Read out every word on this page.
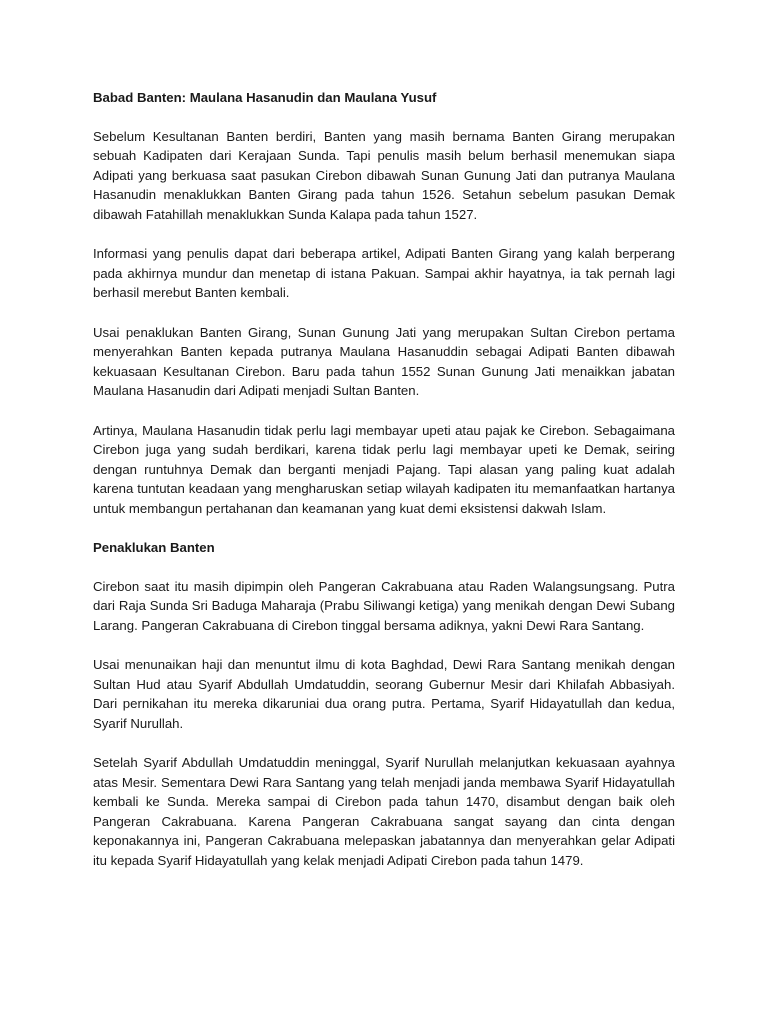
Babad Banten: Maulana Hasanudin dan Maulana Yusuf

Sebelum Kesultanan Banten berdiri, Banten yang masih bernama Banten Girang merupakan sebuah Kadipaten dari Kerajaan Sunda. Tapi penulis masih belum berhasil menemukan siapa Adipati yang berkuasa saat pasukan Cirebon dibawah Sunan Gunung Jati dan putranya Maulana Hasanudin menaklukkan Banten Girang pada tahun 1526. Setahun sebelum pasukan Demak dibawah Fatahillah menaklukkan Sunda Kalapa pada tahun 1527.

Informasi yang penulis dapat dari beberapa artikel, Adipati Banten Girang yang kalah berperang pada akhirnya mundur dan menetap di istana Pakuan. Sampai akhir hayatnya, ia tak pernah lagi berhasil merebut Banten kembali.

Usai penaklukan Banten Girang, Sunan Gunung Jati yang merupakan Sultan Cirebon pertama menyerahkan Banten kepada putranya Maulana Hasanuddin sebagai Adipati Banten dibawah kekuasaan Kesultanan Cirebon. Baru pada tahun 1552 Sunan Gunung Jati menaikkan jabatan Maulana Hasanudin dari Adipati menjadi Sultan Banten.

Artinya, Maulana Hasanudin tidak perlu lagi membayar upeti atau pajak ke Cirebon. Sebagaimana Cirebon juga yang sudah berdikari, karena tidak perlu lagi membayar upeti ke Demak, seiring dengan runtuhnya Demak dan berganti menjadi Pajang. Tapi alasan yang paling kuat adalah karena tuntutan keadaan yang mengharuskan setiap wilayah kadipaten itu memanfaatkan hartanya untuk membangun pertahanan dan keamanan yang kuat demi eksistensi dakwah Islam.

Penaklukan Banten

Cirebon saat itu masih dipimpin oleh Pangeran Cakrabuana atau Raden Walangsungsang. Putra dari Raja Sunda Sri Baduga Maharaja (Prabu Siliwangi ketiga) yang menikah dengan Dewi Subang Larang. Pangeran Cakrabuana di Cirebon tinggal bersama adiknya, yakni Dewi Rara Santang.

Usai menunaikan haji dan menuntut ilmu di kota Baghdad, Dewi Rara Santang menikah dengan Sultan Hud atau Syarif Abdullah Umdatuddin, seorang Gubernur Mesir dari Khilafah Abbasiyah. Dari pernikahan itu mereka dikaruniai dua orang putra. Pertama, Syarif Hidayatullah dan kedua, Syarif Nurullah.

Setelah Syarif Abdullah Umdatuddin meninggal, Syarif Nurullah melanjutkan kekuasaan ayahnya atas Mesir. Sementara Dewi Rara Santang yang telah menjadi janda membawa Syarif Hidayatullah kembali ke Sunda. Mereka sampai di Cirebon pada tahun 1470, disambut dengan baik oleh Pangeran Cakrabuana. Karena Pangeran Cakrabuana sangat sayang dan cinta dengan keponakannya ini, Pangeran Cakrabuana melepaskan jabatannya dan menyerahkan gelar Adipati itu kepada Syarif Hidayatullah yang kelak menjadi Adipati Cirebon pada tahun 1479.
